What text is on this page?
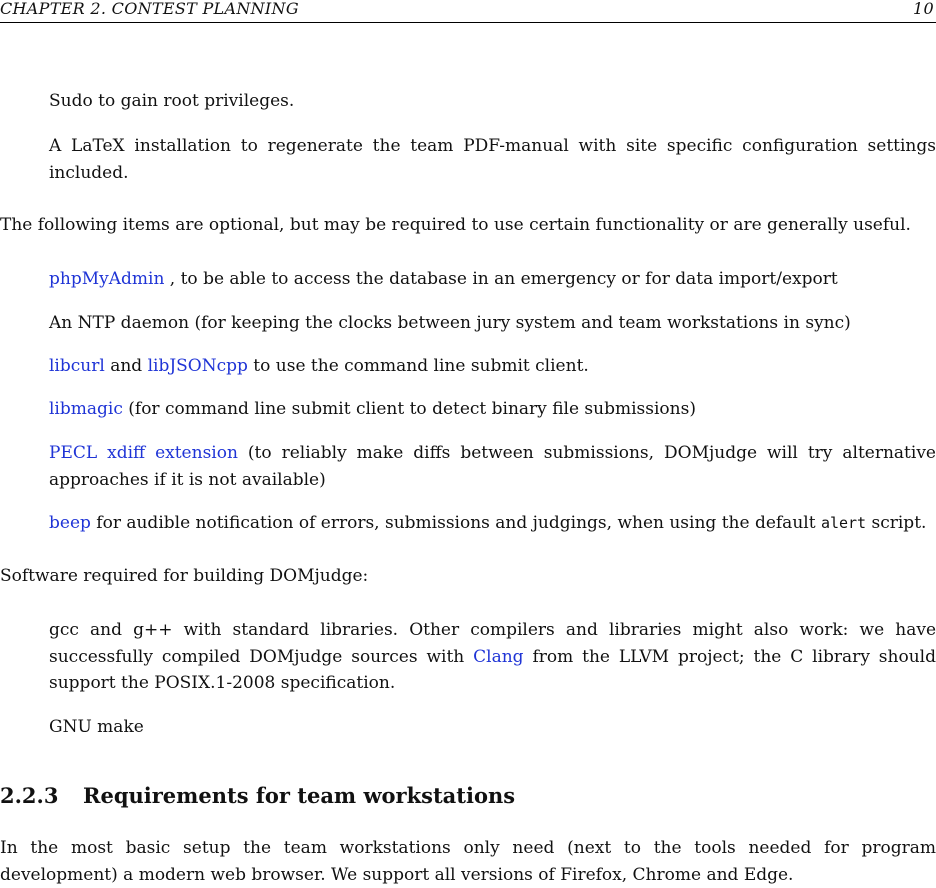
CHAPTER 2. CONTEST PLANNING	10

Sudo to gain root privileges.

A LaTeX installation to regenerate the team PDF-manual with site specific configuration settings included.

The following items are optional, but may be required to use certain functionality or are generally useful.

phpMyAdmin , to be able to access the database in an emergency or for data import/export

An NTP daemon (for keeping the clocks between jury system and team workstations in sync)

libcurl and libJSONcpp to use the command line submit client.

libmagic (for command line submit client to detect binary file submissions)

PECL xdiff extension (to reliably make diffs between submissions, DOMjudge will try alternative approaches if it is not available)

beep for audible notification of errors, submissions and judgings, when using the default alert script.

Software required for building DOMjudge:

gcc and g++ with standard libraries. Other compilers and libraries might also work: we have successfully compiled DOMjudge sources with Clang from the LLVM project; the C library should support the POSIX.1-2008 specification.

GNU make

2.2.3 Requirements for team workstations

In the most basic setup the team workstations only need (next to the tools needed for program development) a modern web browser. We support all versions of Firefox, Chrome and Edge.
